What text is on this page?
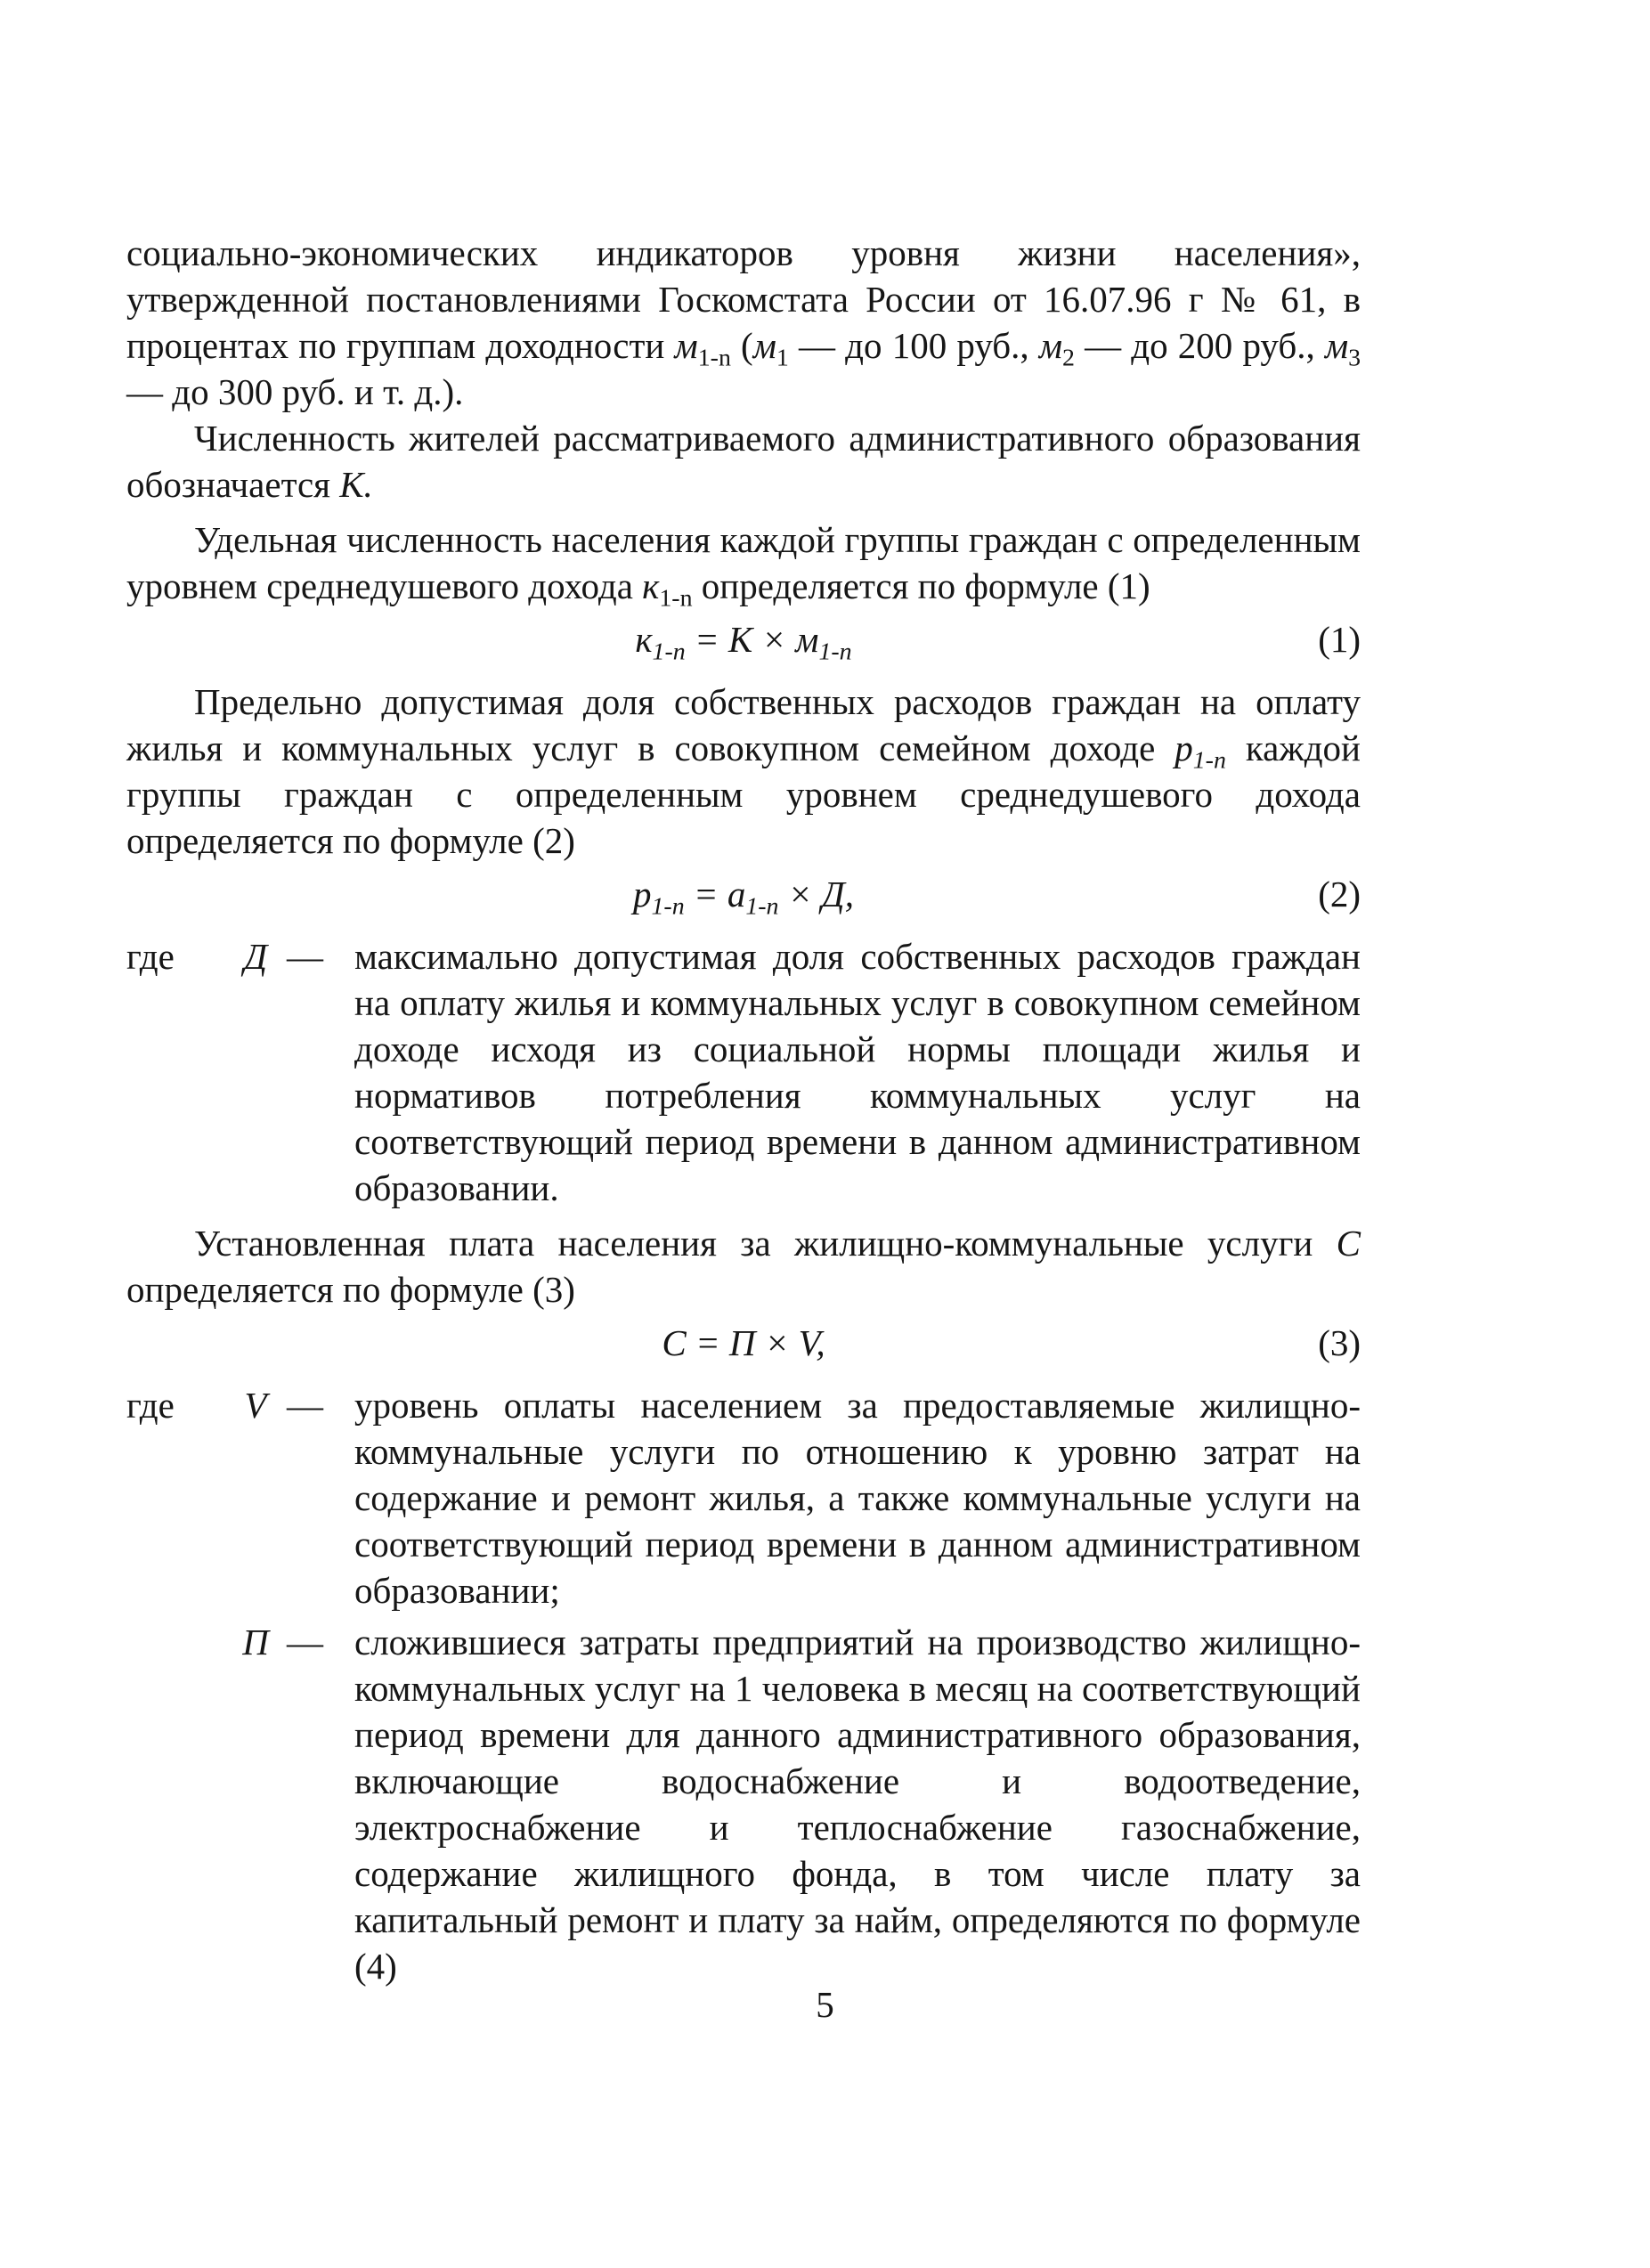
социально-экономических индикаторов уровня жизни населения», утвержденной постановлениями Госкомстата России от 16.07.96 г № 61, в процентах по группам доходности $м_{1-n}$ ($м_1$ — до 100 руб., $м_2$ — до 200 руб., $м_3$ — до 300 руб. и т. д.).

Численность жителей рассматриваемого административного образования обозначается К.

Удельная численность населения каждой группы граждан с определенным уровнем среднедушевого дохода $к_{1-n}$ определяется по формуле (1)

$к_{1-n} = К \times м_{1-n}$	(1)

Предельно допустимая доля собственных расходов граждан на оплату жилья и коммунальных услуг в совокупном семейном доходе $p_{1-n}$ каждой группы граждан с определенным уровнем среднедушевого дохода определяется по формуле (2)

$p_{1-n} = a_{1-n} \times Д$,	(2)
где	Д — максимально допустимая доля собственных расходов граждан на оплату жилья и коммунальных услуг в совокупном семейном доходе исходя из социальной нормы площади жилья и нормативов потребления коммунальных услуг на соответствующий период времени в данном административном образовании.

Установленная плата населения за жилищно-коммунальные услуги С определяется по формуле (3)

С = П × V,	(3)
где	V — уровень оплаты населением за предоставляемые жилищно-коммунальные услуги по отношению к уровню затрат на содержание и ремонт жилья, а также коммунальные услуги на соответствующий период времени в данном административном образовании;
П — сложившиеся затраты предприятий на производство жилищно-коммунальных услуг на 1 человека в месяц на соответствующий период времени для данного административного образования, включающие водоснабжение и водоотведение, электроснабжение и теплоснабжение газоснабжение, содержание жилищного фонда, в том числе плату за капитальный ремонт и плату за найм, определяются по формуле (4)
5
